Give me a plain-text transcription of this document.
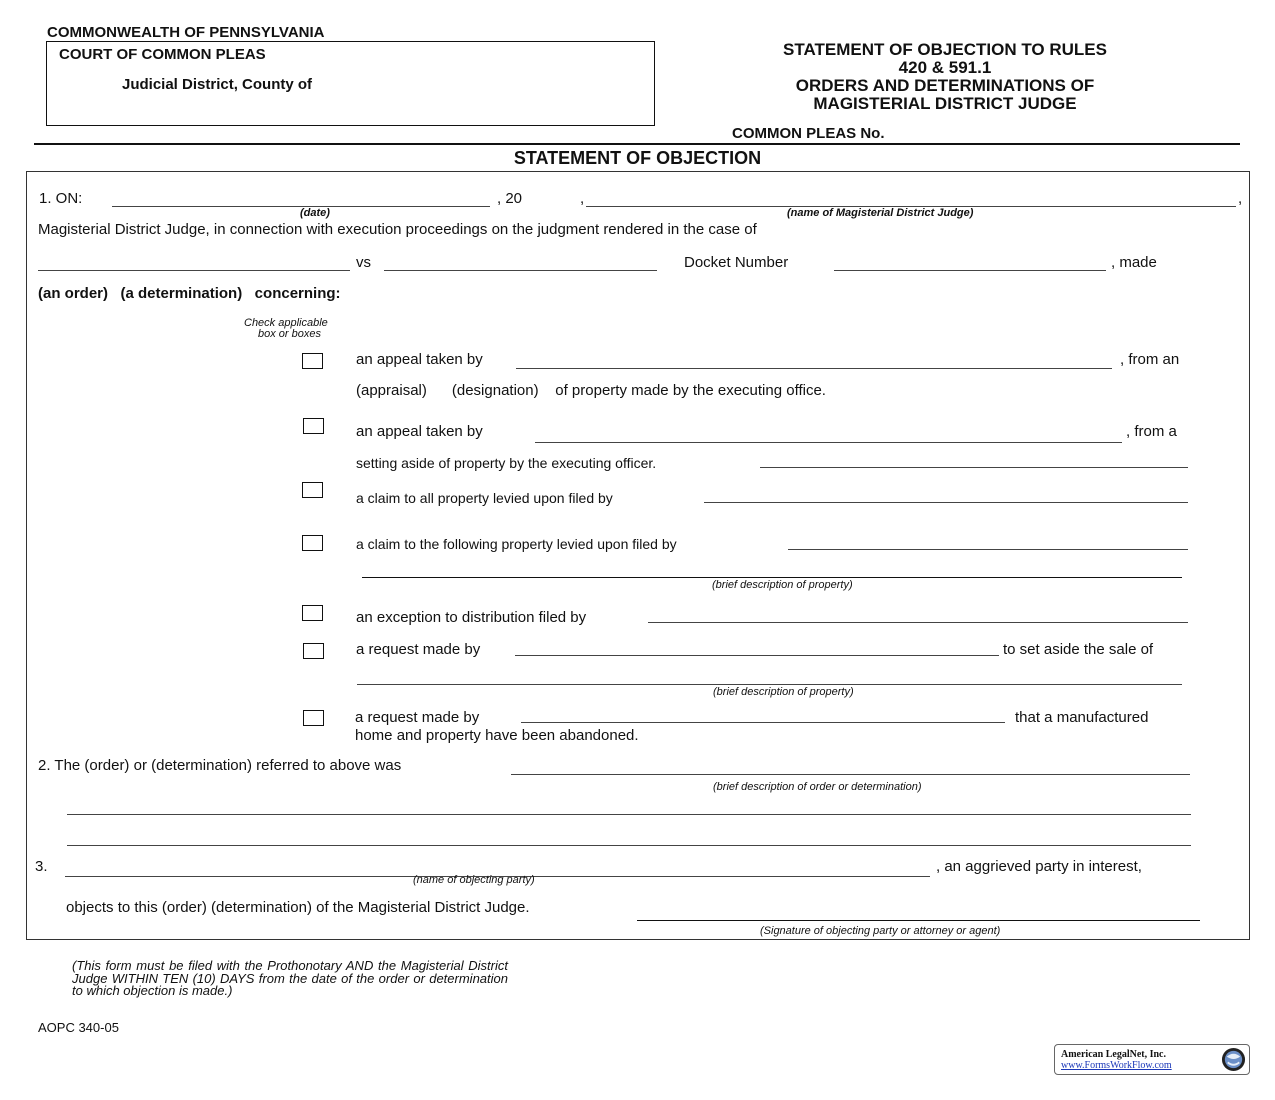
COMMONWEALTH OF PENNSYLVANIA
COURT OF COMMON PLEAS
Judicial District, County of
STATEMENT OF OBJECTION TO RULES
420 & 591.1
ORDERS AND DETERMINATIONS OF
MAGISTERIAL DISTRICT JUDGE
COMMON PLEAS No.
STATEMENT OF OBJECTION
1. ON:	, 20	,	,
(date)	(name of Magisterial District Judge)
Magisterial District Judge, in connection with execution proceedings on the judgment rendered in the case of
vs	Docket Number	, made
(an order)   (a determination)   concerning:
Check applicable
box or boxes
an appeal taken by	, from an
(appraisal)      (designation)    of property made by the executing office.
an appeal taken by	, from a
setting aside of property by the executing officer.
a claim to all property levied upon filed by
a claim to the following property levied upon filed by
(brief description of property)
an exception to distribution filed by
a request made by	to set aside the sale of
(brief description of property)
a request made by	that a manufactured
home and property have been abandoned.
2. The (order) or (determination) referred to above was
(brief description of order or determination)
3.	, an aggrieved party in interest,
(name of objecting party)
objects to this (order) (determination) of the Magisterial District Judge.
(Signature of objecting party or attorney or agent)
(This form must be filed with the Prothonotary AND the Magisterial District Judge WITHIN TEN (10) DAYS from the date of the order or determination to which objection is made.)
AOPC 340-05
American LegalNet, Inc.
www.FormsWorkFlow.com
